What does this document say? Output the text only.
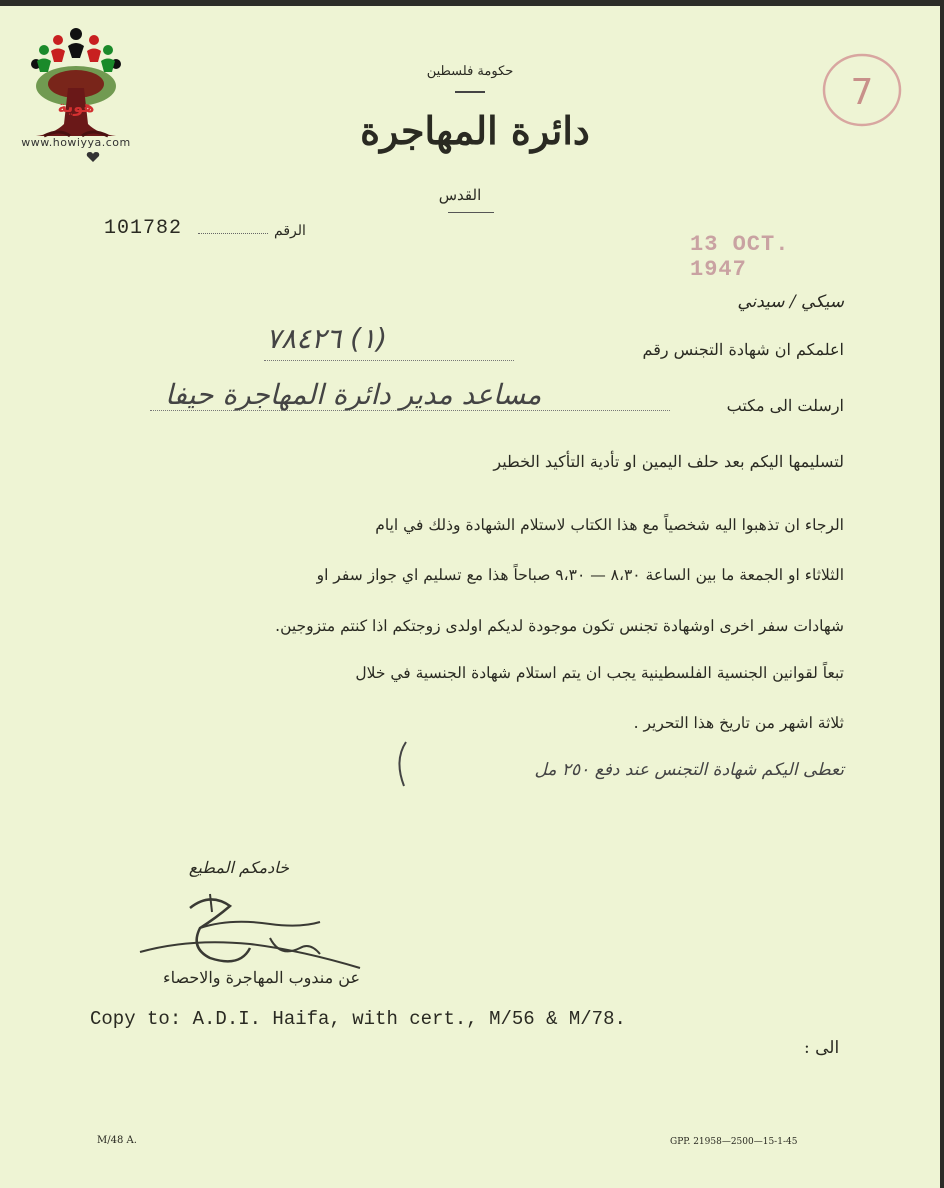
هوية
www.howiyya.com
7
حكومة فلسطين
دائرة المهاجرة
القدس
101782	الرقم
13 OCT. 1947
سيكي / سيدني
اعلمكم ان شهادة التجنس رقم
(١) ٧٨٤٢٦
ارسلت الى مكتب
مساعد مدير دائرة المهاجرة حيفا
لتسليمها اليكم بعد حلف اليمين او تأدية التأكيد الخطير
الرجاء ان تذهبوا اليه شخصياً مع هذا الكتاب لاستلام الشهادة وذلك في ايام
الثلاثاء او الجمعة ما بين الساعة ٨،٣٠ — ٩،٣٠ صباحاً هذا مع تسليم اي جواز سفر او
شهادات سفر اخرى اوشهادة تجنس تكون موجودة لديكم اولدى زوجتكم اذا كنتم متزوجين.
تبعاً لقوانين الجنسية الفلسطينية يجب ان يتم استلام شهادة الجنسية في خلال
ثلاثة اشهر من تاريخ هذا التحرير .
تعطى اليكم شهادة التجنس عند دفع ٢٥٠ مل
خادمكم المطيع
عن مندوب المهاجرة والاحصاء
Copy to: A.D.I. Haifa, with cert., M/56 & M/78.
الى :
M/48 A.	GPP. 21958—2500—15-1-45
